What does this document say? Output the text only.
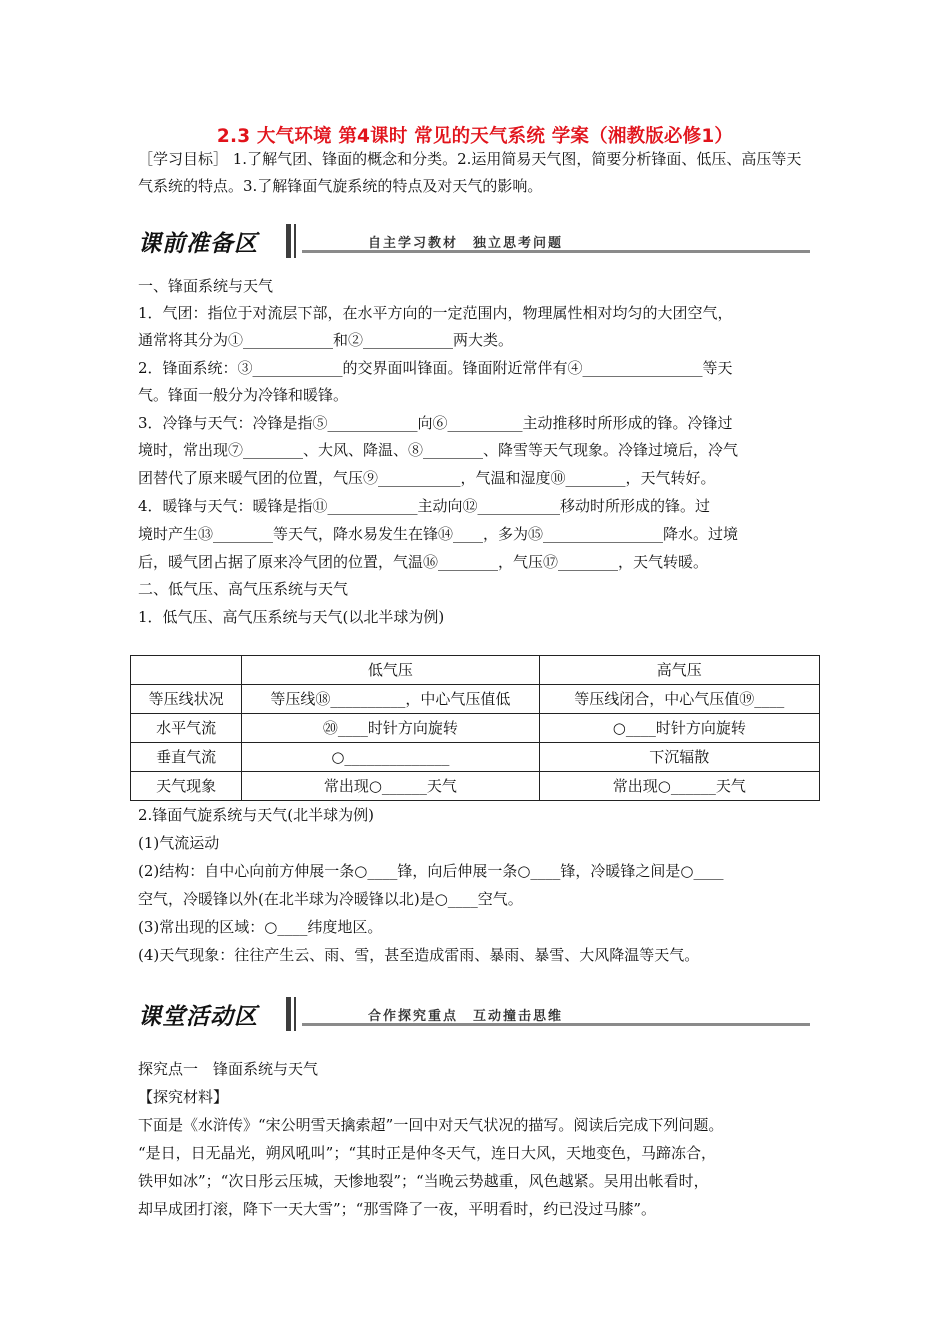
2.3 大气环境 第4课时 常见的天气系统 学案（湘教版必修1）
［学习目标］ 1.了解气团、锋面的概念和分类。2.运用简易天气图，简要分析锋面、低压、高压等天气系统的特点。3.了解锋面气旋系统的特点及对天气的影响。
课前准备区	自主学习教材　独立思考问题
一、锋面系统与天气
1．气团：指位于对流层下部，在水平方向的一定范围内，物理属性相对均匀的大团空气，
通常将其分为①____________和②____________两大类。
2．锋面系统：③____________的交界面叫锋面。锋面附近常伴有④________________等天
气。锋面一般分为冷锋和暖锋。
3．冷锋与天气：冷锋是指⑤____________向⑥__________主动推移时所形成的锋。冷锋过
境时，常出现⑦________、大风、降温、⑧________、降雪等天气现象。冷锋过境后，冷气
团替代了原来暖气团的位置，气压⑨___________，气温和湿度⑩________，天气转好。
4．暖锋与天气：暖锋是指⑪____________主动向⑫___________移动时所形成的锋。过
境时产生⑬________等天气，降水易发生在锋⑭____，多为⑮________________降水。过境
后，暖气团占据了原来冷气团的位置，气温⑯________，气压⑰________，天气转暖。
二、低气压、高气压系统与天气
1．低气压、高气压系统与天气(以北半球为例)
	低气压	高气压
等压线状况	等压线⑱__________，中心气压值低	等压线闭合，中心气压值⑲____
水平气流	⑳____时针方向旋转	○____时针方向旋转
垂直气流	○______________	下沉辐散
天气现象	常出现○______天气	常出现○______天气
2.锋面气旋系统与天气(北半球为例)
(1)气流运动
(2)结构：自中心向前方伸展一条○____锋，向后伸展一条○____锋，冷暖锋之间是○____
空气，冷暖锋以外(在北半球为冷暖锋以北)是○____空气。
(3)常出现的区域：○____纬度地区。
(4)天气现象：往往产生云、雨、雪，甚至造成雷雨、暴雨、暴雪、大风降温等天气。
课堂活动区	合作探究重点　互动撞击思维
探究点一　锋面系统与天气
【探究材料】
下面是《水浒传》“宋公明雪天擒索超”一回中对天气状况的描写。阅读后完成下列问题。
“是日，日无晶光，朔风吼叫”；“其时正是仲冬天气，连日大风，天地变色，马蹄冻合，
铁甲如冰”；“次日彤云压城，天惨地裂”；“当晚云势越重，风色越紧。吴用出帐看时，
却早成团打滚，降下一天大雪”；“那雪降了一夜，平明看时，约已没过马膝”。
